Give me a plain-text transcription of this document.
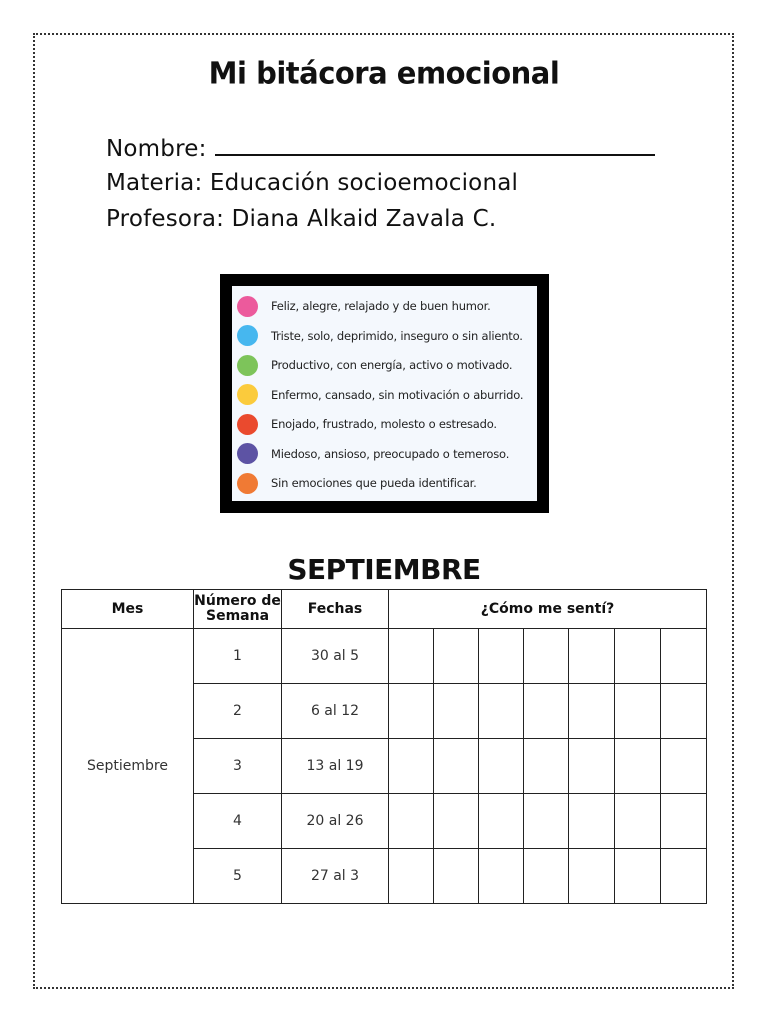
Mi bitácora emocional
Nombre:
Materia: Educación socioemocional
Profesora: Diana Alkaid Zavala C.
Feliz, alegre, relajado y de buen humor.
Triste, solo, deprimido, inseguro o sin aliento.
Productivo, con energía, activo o motivado.
Enfermo, cansado, sin motivación o aburrido.
Enojado, frustrado, molesto o estresado.
Miedoso, ansioso, preocupado o temeroso.
Sin emociones que pueda identificar.
SEPTIEMBRE
Mes	Número de Semana	Fechas	¿Cómo me sentí?						
Septiembre	1	30 al 5							
	2	6 al 12							
	3	13 al 19							
	4	20 al 26							
	5	27 al 3							
